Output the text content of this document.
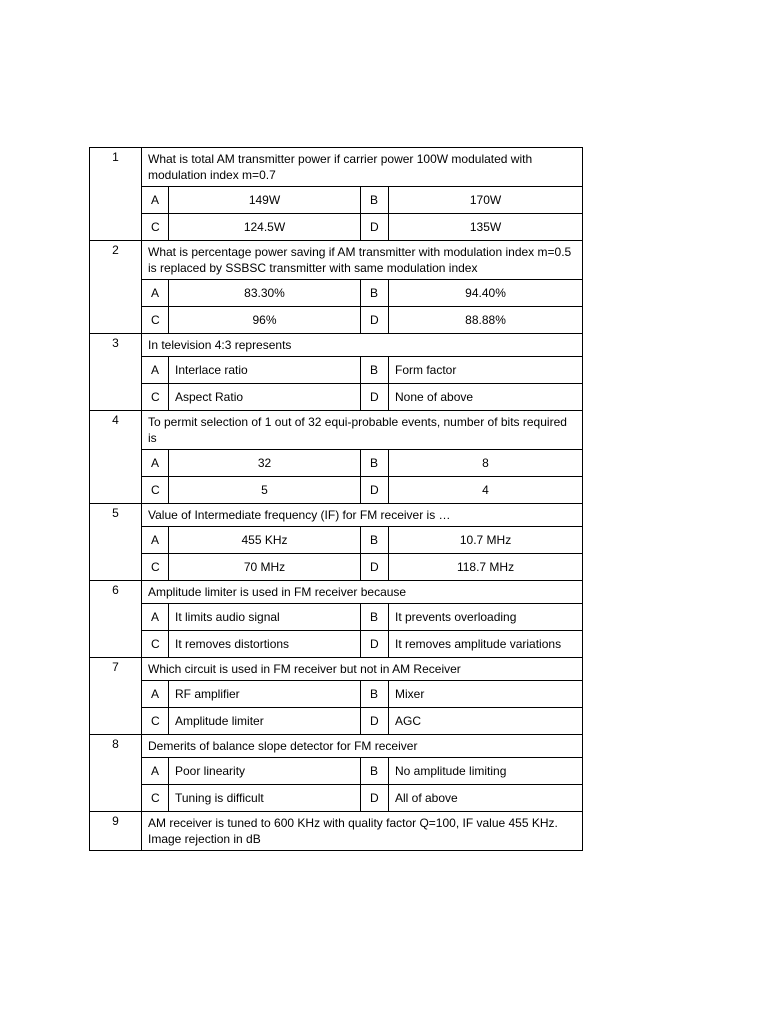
1	What is total AM transmitter power if carrier power 100W modulated with modulation index m=0.7			
	A	149W	B	170W
	C	124.5W	D	135W
2	What is percentage power saving if AM transmitter with modulation index m=0.5 is replaced by SSBSC transmitter with same modulation index			
	A	83.30%	B	94.40%
	C	96%	D	88.88%
3	In television 4:3 represents			
	A	Interlace ratio	B	Form factor
	C	Aspect Ratio	D	None of above
4	To permit selection of 1 out of 32 equi-probable events, number of bits required is			
	A	32	B	8
	C	5	D	4
5	Value of Intermediate frequency (IF) for FM receiver is …			
	A	455 KHz	B	10.7 MHz
	C	70 MHz	D	118.7 MHz
6	Amplitude limiter is used in FM receiver because			
	A	It limits audio signal	B	It prevents overloading
	C	It removes distortions	D	It removes amplitude variations
7	Which circuit is used in FM receiver but not in AM Receiver			
	A	RF amplifier	B	Mixer
	C	Amplitude limiter	D	AGC
8	Demerits of balance slope detector for FM receiver			
	A	Poor linearity	B	No amplitude limiting
	C	Tuning is difficult	D	All of above
9	AM receiver is tuned to 600 KHz with quality factor Q=100, IF value 455 KHz. Image rejection in dB			
